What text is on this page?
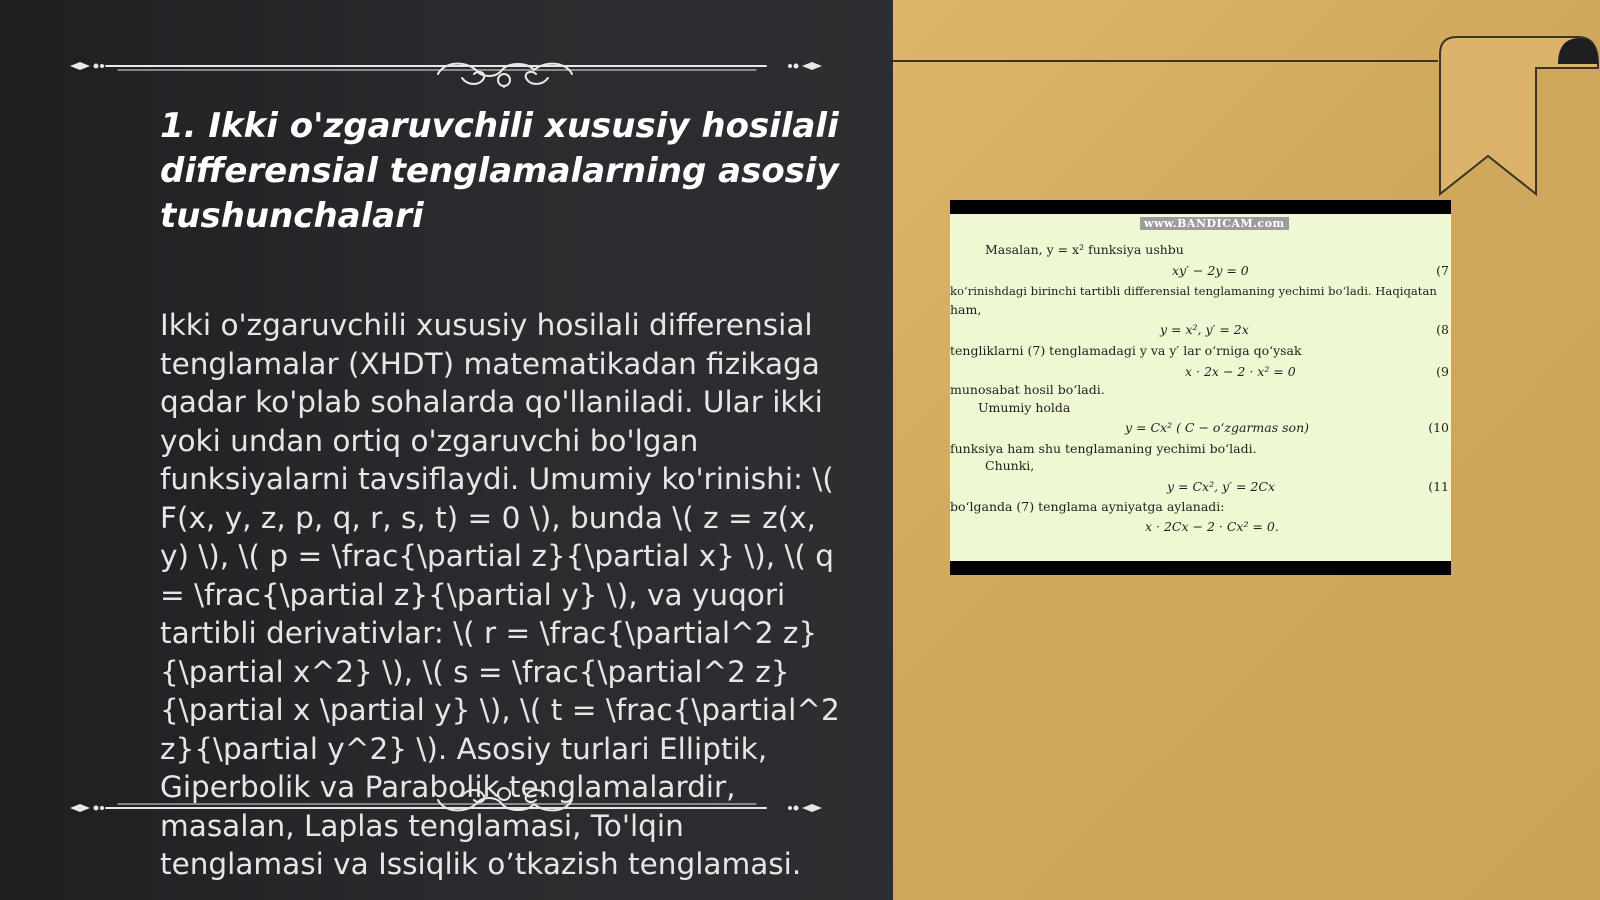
1. Ikki o'zgaruvchili xususiy hosilali differensial tenglamalarning asosiy tushunchalari

Ikki o'zgaruvchili xususiy hosilali differensial tenglamalar (XHDT) matematikadan fizikaga qadar ko'plab sohalarda qo'llaniladi. Ular ikki yoki undan ortiq o'zgaruvchi bo'lgan funksiyalarni tavsiflaydi. Umumiy ko'rinishi: \( F(x, y, z, p, q, r, s, t) = 0 \), bunda \( z = z(x, y) \), \( p = \frac{\partial z}{\partial x} \), \( q = \frac{\partial z}{\partial y} \), va yuqori tartibli derivativlar: \( r = \frac{\partial^2 z}{\partial x^2} \), \( s = \frac{\partial^2 z}{\partial x \partial y} \), \( t = \frac{\partial^2 z}{\partial y^2} \). Asosiy turlari Elliptik, Giperbolik va Parabolik tenglamalardir, masalan, Laplas tenglamasi, To'lqin tenglamasi va Issiqlik o’tkazish tenglamasi.

www.BANDICAM.com
Masalan, y = x² funksiya ushbu
xy′ − 2y = 0	(7
ko‘rinishdagi birinchi tartibli differensial tenglamaning yechimi bo‘ladi. Haqiqatan
ham,
y = x², y′ = 2x	(8
tengliklarni (7) tenglamadagi y va y′ lar o‘rniga qo‘ysak
x · 2x − 2 · x² = 0	(9
munosabat hosil bo‘ladi.
Umumiy holda
y = Cx² ( C − o‘zgarmas son)	(10
funksiya ham shu tenglamaning yechimi bo‘ladi.
Chunki,
y = Cx², y′ = 2Cx	(11
bo‘lganda (7) tenglama ayniyatga aylanadi:
x · 2Cx − 2 · Cx² = 0.
